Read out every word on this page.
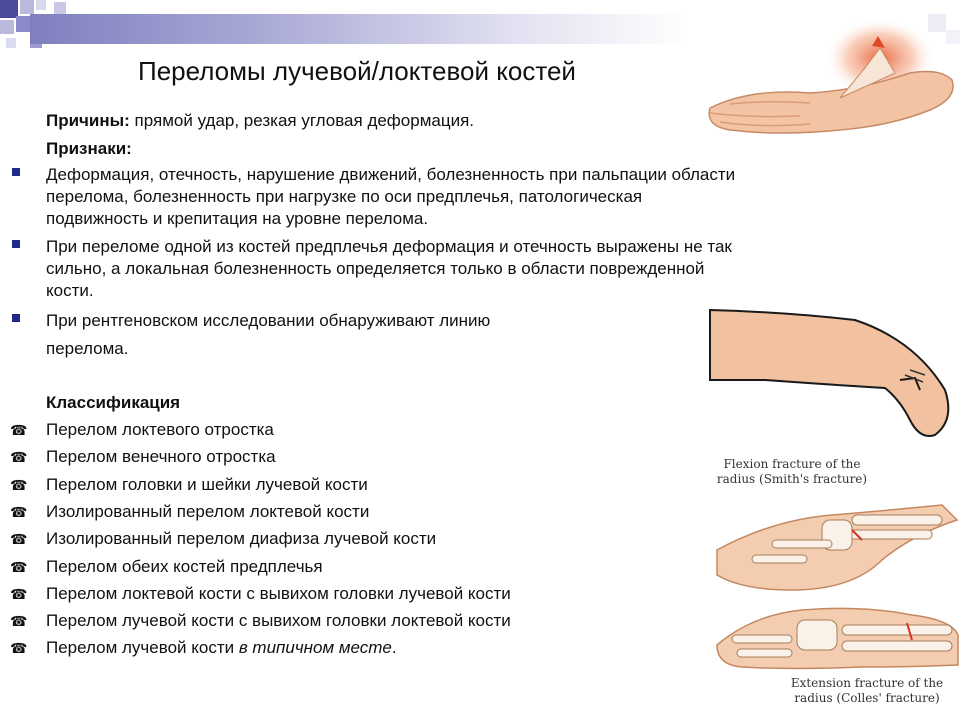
Переломы лучевой/локтевой костей
Причины: прямой удар, резкая угловая деформация.
Признаки:
Деформация, отечность, нарушение движений, болезненность при пальпации области
перелома, болезненность при нагрузке по оси предплечья, патологическая
подвижность и крепитация на уровне перелома.
При переломе одной из костей предплечья деформация и отечность выражены не так
сильно, а локальная болезненность определяется только в области поврежденной
кости.
При рентгеновском исследовании обнаруживают линию
перелома.
Классификация
☎ Перелом локтевого отростка
☎ Перелом венечного отростка
☎ Перелом головки и шейки лучевой кости
☎ Изолированный перелом локтевой кости
☎ Изолированный перелом диафиза лучевой кости
☎ Перелом обеих костей предплечья
☎ Перелом локтевой кости с вывихом головки лучевой кости
☎ Перелом лучевой кости с вывихом головки локтевой кости
☎ Перелом лучевой кости в типичном месте.
Flexion fracture of the
radius (Smith's fracture)
Extension fracture of the
radius (Colles' fracture)
